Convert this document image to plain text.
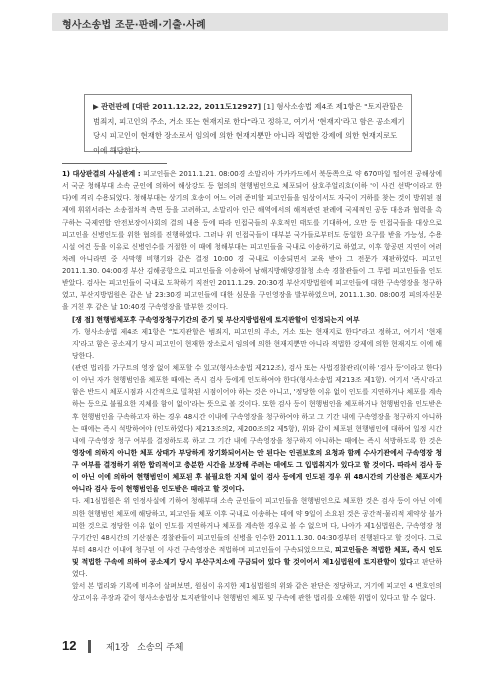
형사소송법 조문·판례·기출·사례
▶ 관련판례 [대판 2011.12.22, 2011도12927] [1] 형사소송법 제4조 제1항은 "토지관할은 범죄지, 피고인의 주소, 거소 또는 현재지로 한다"라고 정하고, 여기서 '현재지'라고 함은 공소제기 당시 피고인이 현재한 장소로서 임의에 의한 현재지뿐만 아니라 적법한 강제에 의한 현재지로도 이에 해당한다.

1) 대상판결의 사실관계 : 피고인들은 2011.1.21. 08:00경 소말리아 가카카드에서 북동쪽으로 약 670마일 떨어진 공해상에서 국군 청해부대 소속 군인에 의하여 해상강도 등 혐의의 현행범인으로 체포되어 삼호주얼리호(이하 '이 사건 선박'이라고 한다)에 격리 수용되었다. 청해부대는 상기의 호송이 여느 어려 준비할 피고인들을 임상이서도 자국이 거하를 찾는 것이 방위된 점제에 휘위서라는 소송절차적 측면 등을 고려하고, 소말리아 인근 해역에서의 해적관련 판례에 국제적인 공동 대응과 협력을 촉구하는 국제연합 안전보장이사회의 결의 내용 등에 따라 인접국들의 우호적인 태도를 기대하여, 오만 등 인접국들을 대상으로 피고인을 신병인도를 위한 협의를 진행하였다. 그러나 위 인접국들이 대부분 국가들로부터도 동일한 요구를 받을 가능성, 수용시설 여건 등을 이유로 신병인수를 거절한 이 때에 청해부대는 피고인들을 국내로 이송하기로 하였고, 이후 항공편 지연이 여러차례 아니라면 중 사막행 비행기와 같은 결정 10:00 경 국내로 이송되면서 교육 받아 그 전문가 재판하였다. 피고인 2011.1.30. 04:00경 부산 김해공항으로 피고인들을 이송하여 남해지방해양경찰청 소속 경찰관들이 그 무렵 피고인들을 인도받았다. 검사는 피고인들이 국내로 도착하기 직전인 2011.1.29. 20:30경 부산지방법원에 피고인들에 대한 구속영장을 청구하였고, 부산지방법원은 같은 날 23:30경 피고인들에 대한 심문을 구인영장을 발부하였으며, 2011.1.30. 08:00경 피의자신문을 거친 후 같은 날 10:40경 구속영장을 발부한 것이다.

[쟁 점] 현행범체포후 구속영장청구기간의 준기 및 부산지방법원에 토지관할이 인정되는지 여부

가. 형사소송법 제4조 제1항은 "토지관할은 범죄지, 피고인의 주소, 거소 또는 현재지로 한다"라고 정하고, 여기서 '현재지'라고 함은 공소제기 당시 피고인이 현재한 장소로서 임의에 의한 현재지뿐만 아니라 적법한 강제에 의한 현재지도 이에 해당한다.

(관련 법리를 가구트의 영장 없이 체포할 수 있고(형사소송법 제212조), 검사 또는 사법경찰관리(이하 '검사 등'이라고 한다)이 아닌 자가 현행범인을 체포한 때에는 즉시 검사 등에게 인도하여야 한다(형사소송법 제213조 제1항). 여기서 '즉시'라고 함은 반드시 체포시점과 시간적으로 밀착된 시점이어야 하는 것은 아니고, '정당한 이유 없이 인도를 지연하거나 체포를 계속하는 등으로 불필요한 지체를 함이 없이'라는 뜻으로 볼 것이다. 또한 검사 등이 현행범인을 체포하거나 현행범인을 인도받은 후 현행범인을 구속하고자 하는 경우 48시간 이내에 구속영장을 청구하여야 하고 그 기간 내에 구속영장을 청구하지 아니하는 때에는 즉시 석방하여야 (인도하였다) 제213조의2, 제200조의2 제5항), 위와 같이 체포된 현행범인에 대하여 일정 시간 내에 구속영장 청구 여부를 결정하도록 하고 그 기간 내에 구속영장을 청구하지 아니하는 때에는 즉시 석방하도록 한 것은 영장에 의하지 아니한 체포 상태가 부당하게 장기화되어서는 안 된다는 인권보호의 요청과 함께 수사기관에서 구속영장 청구 여부를 결정하기 위한 합리적이고 충분한 시간을 보장해 주려는 데에도 그 입법취지가 있다고 할 것이다. 따라서 검사 등이 아닌 이에 의하여 현행범인이 체포된 후 불필요한 지체 없이 검사 등에게 인도된 경우 위 48시간의 기산점은 체포시가 아니라 검사 등이 현행범인을 인도받은 때라고 할 것이다.

다. 제1심법원은 위 인정사실에 기하여 청해부대 소속 군인들이 피고인들을 현행범인으로 체포한 것은 검사 등이 아닌 이에 의한 현행범인 체포에 해당하고, 피고인들 체포 이후 국내로 이송하는 데에 약 9일이 소요된 것은 공간적·물리적 제약상 불가피한 것으로 정당한 이유 없이 인도를 지연하거나 체포를 계속한 경우로 볼 수 없으며 다, 나아가 제1심법원은, 구속영장 청구기간인 48시간의 기산점은 경찰관들이 피고인들의 신병을 인수한 2011.1.30. 04:30경부터 진행된다고 할 것이다. 그로부터 48시간 이내에 청구된 이 사건 구속영장은 적법하며 피고인들이 구속되었으므로, 피고인들은 적법한 체포, 즉시 인도 및 적법한 구속에 의하여 공소제기 당시 부산구치소에 구금되어 있다 할 것이어서 제1심법원에 토지관할이 있다고 판단하였다.

앞서 본 법리와 기록에 비추어 살펴보면, 원심이 유지한 제1심법원의 위와 같은 판단은 정당하고, 거기에 피고인 4 변호인의 상고이유 주장과 같이 형사소송법상 토지관할이나 현행범인 체포 및 구속에 관한 법리를 오해한 위법이 있다고 할 수 없다.

12	제1장 소송의 주체
